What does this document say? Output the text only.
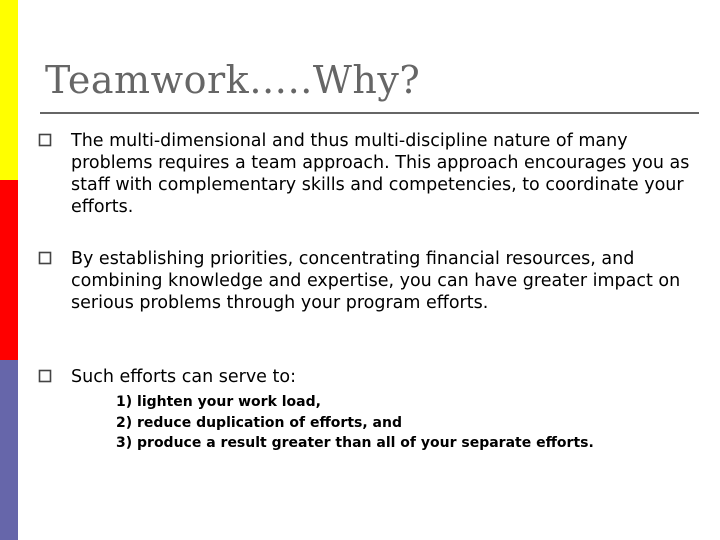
Teamwork…..Why?

The multi-dimensional and thus multi-discipline nature of many problems requires a team approach. This approach encourages you as staff with complementary skills and competencies, to coordinate your efforts.

By establishing priorities, concentrating financial resources, and combining knowledge and expertise, you can have greater impact on serious problems through your program efforts.

Such efforts can serve to:

1) lighten your work load,
2) reduce duplication of efforts, and
3) produce a result greater than all of your separate efforts.
